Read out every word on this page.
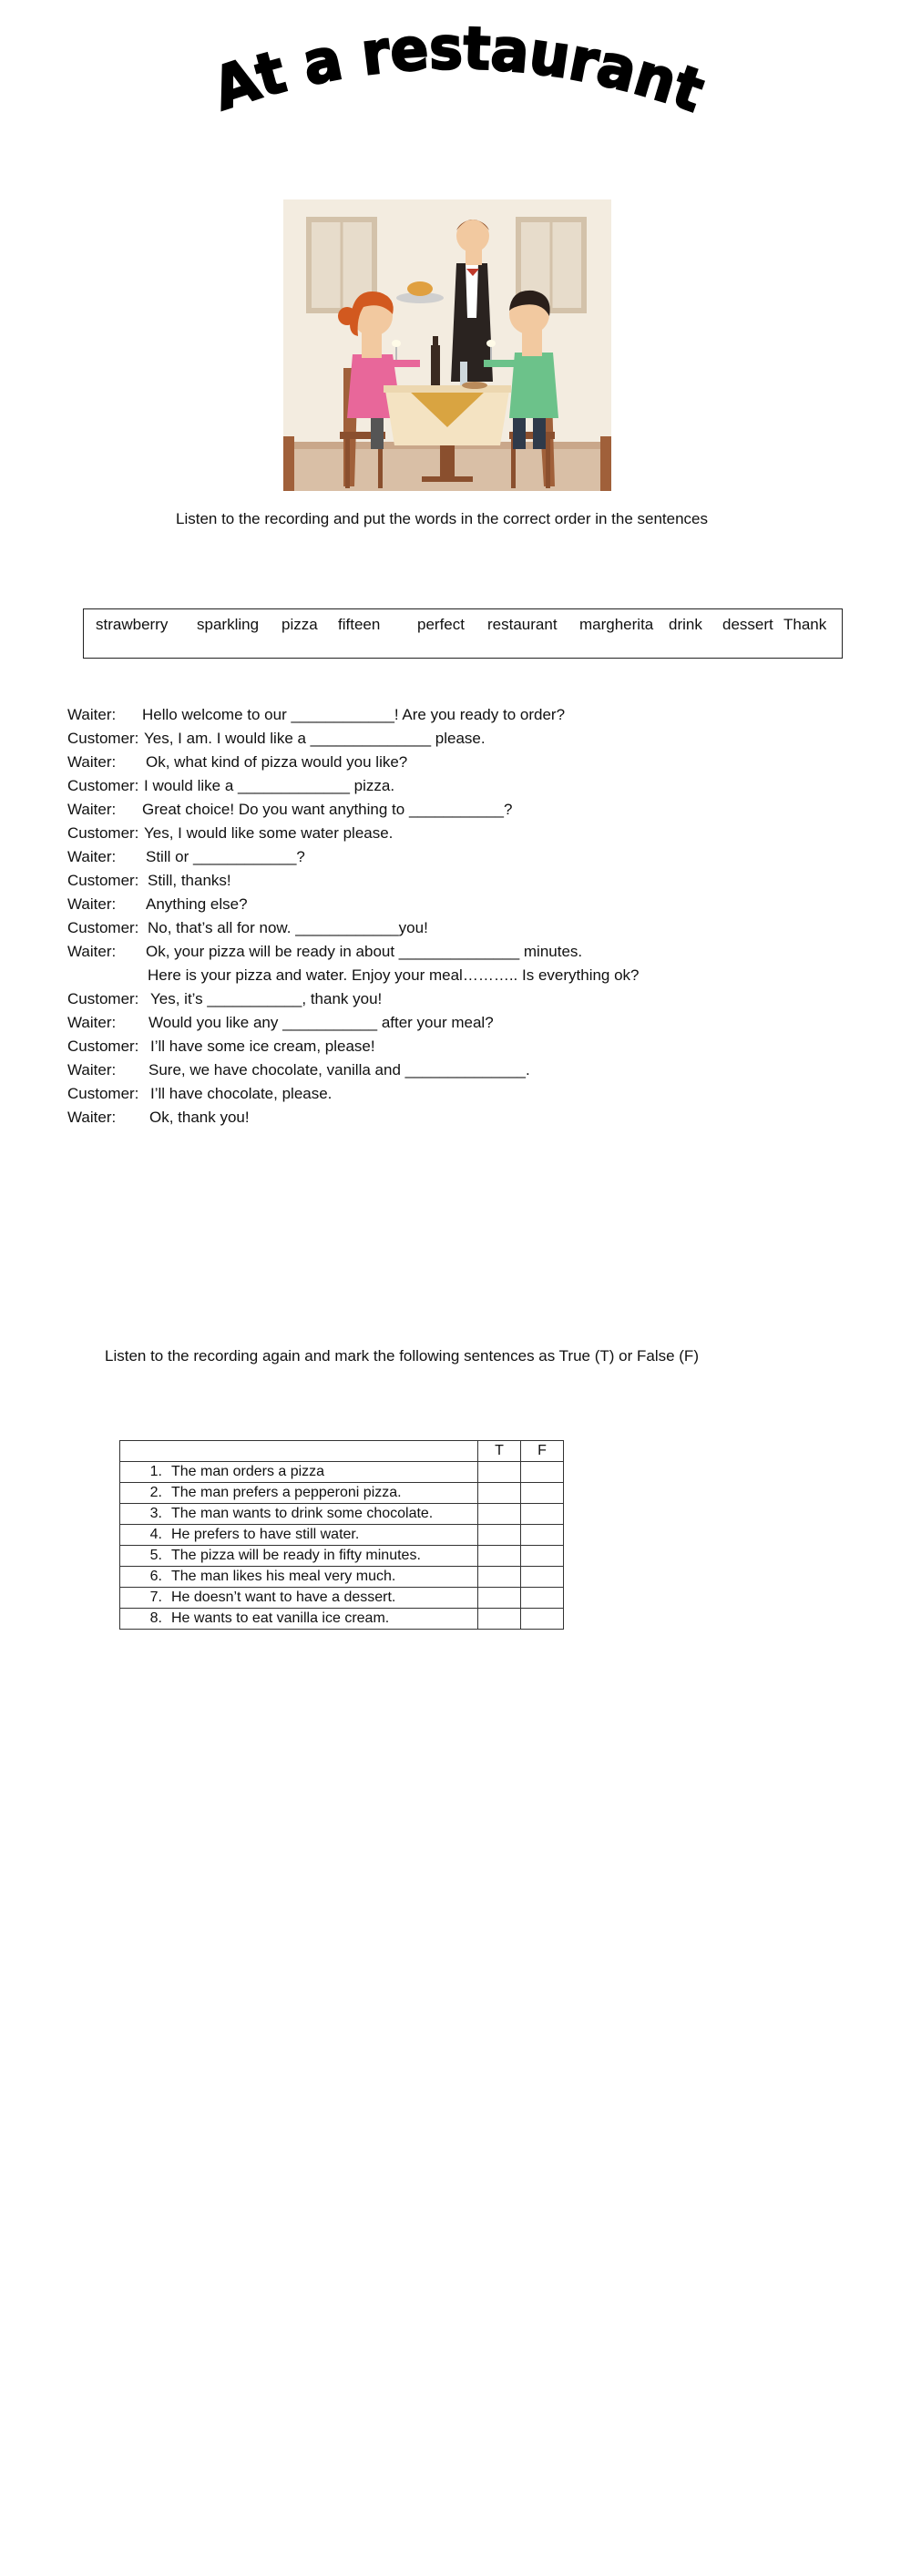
At a restaurant
Listen to the recording and put the words in the correct order in the sentences
strawberry sparkling pizza fifteen perfect restaurant margherita drink dessert Thank
Waiter: Hello welcome to our ____________! Are you ready to order?
Customer: Yes, I am. I would like a ______________ please.
Waiter: Ok, what kind of pizza would you like?
Customer: I would like a _____________ pizza.
Waiter: Great choice! Do you want anything to ___________?
Customer: Yes, I would like some water please.
Waiter: Still or ____________?
Customer: Still, thanks!
Waiter: Anything else?
Customer: No, that’s all for now. ____________you!
Waiter: Ok, your pizza will be ready in about ______________ minutes.
Here is your pizza and water. Enjoy your meal……….. Is everything ok?
Customer: Yes, it’s ___________, thank you!
Waiter: Would you like any ___________ after your meal?
Customer: I’ll have some ice cream, please!
Waiter: Sure, we have chocolate, vanilla and ______________.
Customer: I’ll have chocolate, please.
Waiter: Ok, thank you!
Listen to the recording again and mark the following sentences as True (T) or False (F)
	T	F
1. The man orders a pizza		
2. The man prefers a pepperoni pizza.		
3. The man wants to drink some chocolate.		
4. He prefers to have still water.		
5. The pizza will be ready in fifty minutes.		
6. The man likes his meal very much.		
7. He doesn’t want to have a dessert.		
8. He wants to eat vanilla ice cream.		
